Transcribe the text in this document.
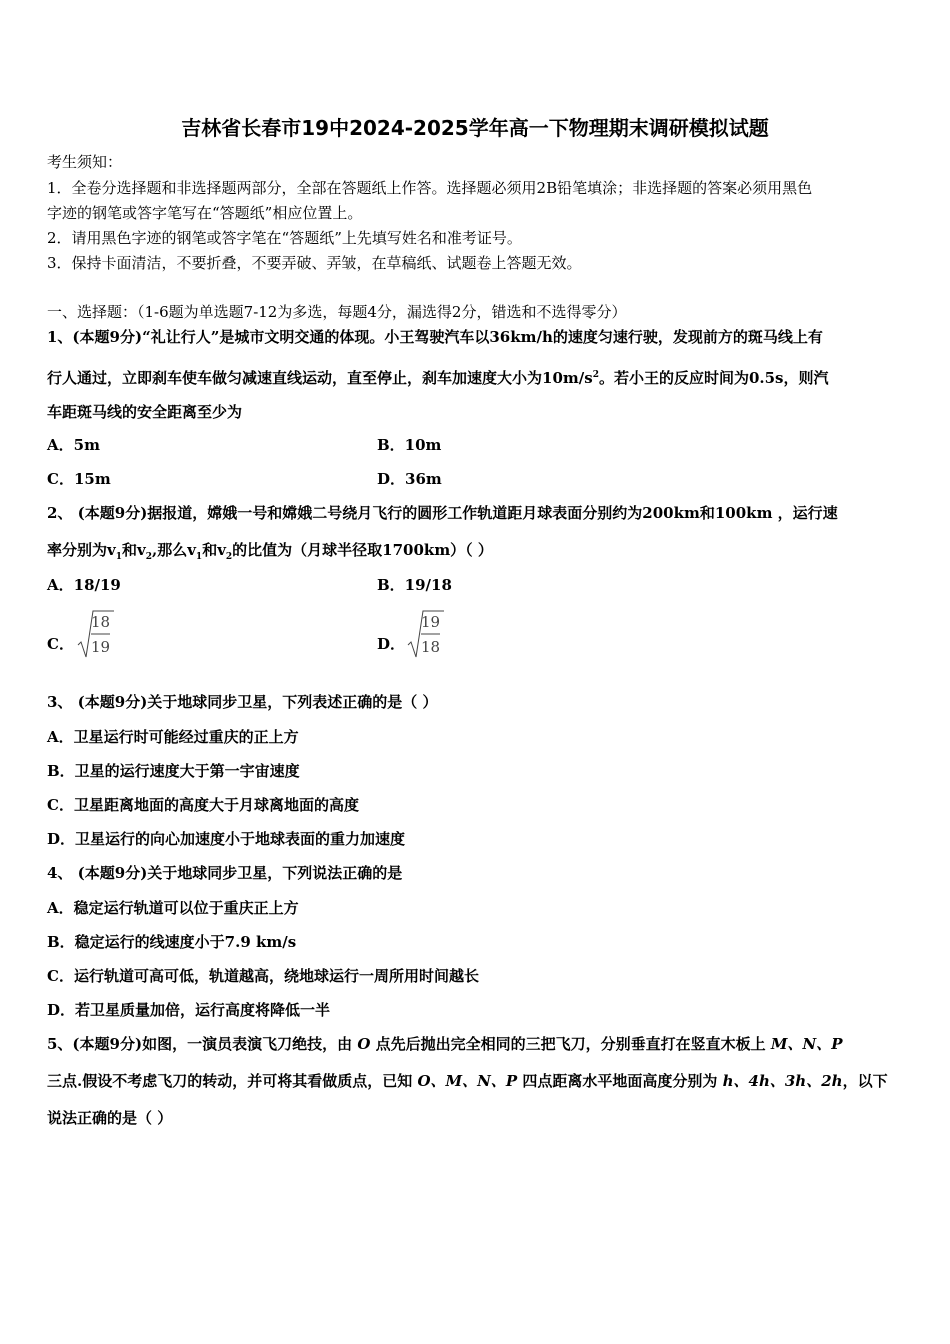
吉林省长春市19中2024-2025学年高一下物理期末调研模拟试题
考生须知：
1．全卷分选择题和非选择题两部分，全部在答题纸上作答。选择题必须用2B铅笔填涂；非选择题的答案必须用黑色
字迹的钢笔或答字笔写在“答题纸”相应位置上。
2．请用黑色字迹的钢笔或答字笔在“答题纸”上先填写姓名和准考证号。
3．保持卡面清洁，不要折叠，不要弄破、弄皱，在草稿纸、试题卷上答题无效。
一、选择题：（1-6题为单选题7-12为多选，每题4分，漏选得2分，错选和不选得零分）
1、(本题9分)“礼让行人”是城市文明交通的体现。小王驾驶汽车以36km/h的速度匀速行驶，发现前方的斑马线上有
行人通过，立即刹车使车做匀减速直线运动，直至停止，刹车加速度大小为$10m/s^2$。若小王的反应时间为0.5s，则汽
车距斑马线的安全距离至少为
A．5m	B．10m
C．15m	D．36m
2、 (本题9分)据报道，嫦娥一号和嫦娥二号绕月飞行的圆形工作轨道距月球表面分别约为200km和100km ，运行速
率分别为$v_1$和$v_2$,那么$v_1$和$v_2$的比值为（月球半径取1700km）（ ）
A．18/19	B．19/18
C．
18
19	D．
19
18
3、 (本题9分)关于地球同步卫星，下列表述正确的是（ ）
A．卫星运行时可能经过重庆的正上方
B．卫星的运行速度大于第一宇宙速度
C．卫星距离地面的高度大于月球离地面的高度
D．卫星运行的向心加速度小于地球表面的重力加速度
4、 (本题9分)关于地球同步卫星，下列说法正确的是
A．稳定运行轨道可以位于重庆正上方
B．稳定运行的线速度小于7.9 km/s
C．运行轨道可高可低，轨道越高，绕地球运行一周所用时间越长
D．若卫星质量加倍，运行高度将降低一半
5、(本题9分)如图，一演员表演飞刀绝技，由 O 点先后抛出完全相同的三把飞刀，分别垂直打在竖直木板上 M、N、P
三点.假设不考虑飞刀的转动，并可将其看做质点，已知 O、M、N、P 四点距离水平地面高度分别为 h、4h、3h、2h，以下
说法正确的是（ ）
